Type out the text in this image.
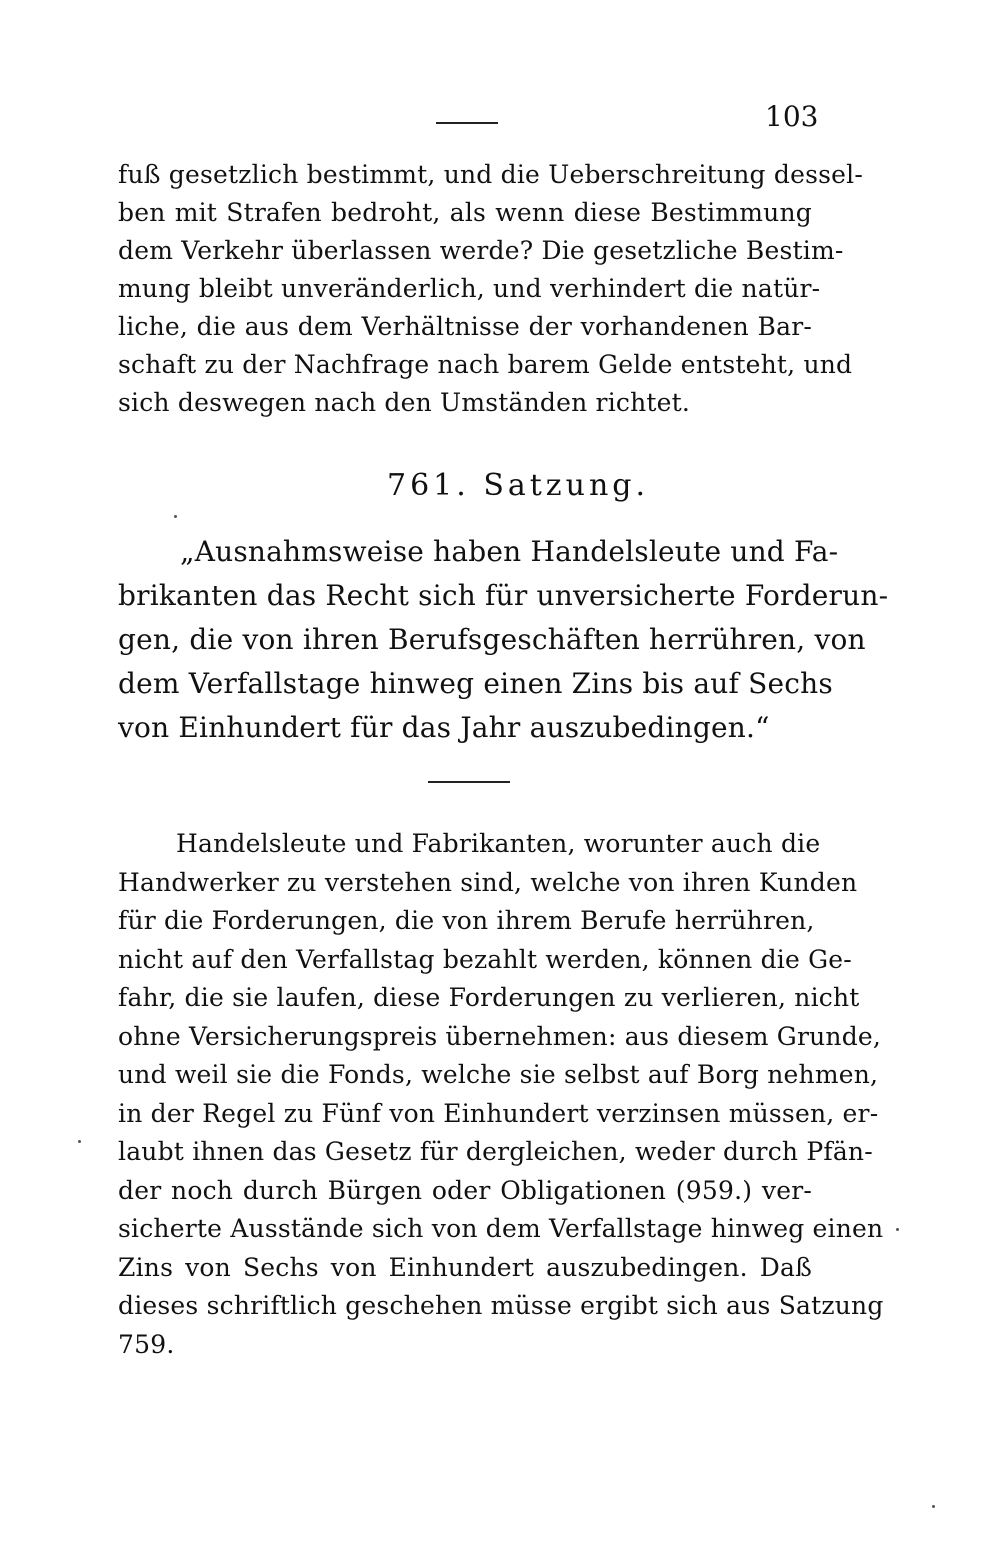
103
fuß gesetzlich bestimmt, und die Ueberschreitung dessel-
ben mit Strafen bedroht, als wenn diese Bestimmung
dem Verkehr überlassen werde? Die gesetzliche Bestim-
mung bleibt unveränderlich, und verhindert die natür-
liche, die aus dem Verhältnisse der vorhandenen Bar-
schaft zu der Nachfrage nach barem Gelde entsteht, und
sich deswegen nach den Umständen richtet.
761. Satzung.
„Ausnahmsweise haben Handelsleute und Fa-
brikanten das Recht sich für unversicherte Forderun-
gen, die von ihren Berufsgeschäften herrühren, von
dem Verfallstage hinweg einen Zins bis auf Sechs
von Einhundert für das Jahr auszubedingen.“
Handelsleute und Fabrikanten, worunter auch die
Handwerker zu verstehen sind, welche von ihren Kunden
für die Forderungen, die von ihrem Berufe herrühren,
nicht auf den Verfallstag bezahlt werden, können die Ge-
fahr, die sie laufen, diese Forderungen zu verlieren, nicht
ohne Versicherungspreis übernehmen: aus diesem Grunde,
und weil sie die Fonds, welche sie selbst auf Borg nehmen,
in der Regel zu Fünf von Einhundert verzinsen müssen, er-
laubt ihnen das Gesetz für dergleichen, weder durch Pfän-
der noch durch Bürgen oder Obligationen (959.) ver-
sicherte Ausstände sich von dem Verfallstage hinweg einen
Zins von Sechs von Einhundert auszubedingen. Daß
dieses schriftlich geschehen müsse ergibt sich aus Satzung
759.
